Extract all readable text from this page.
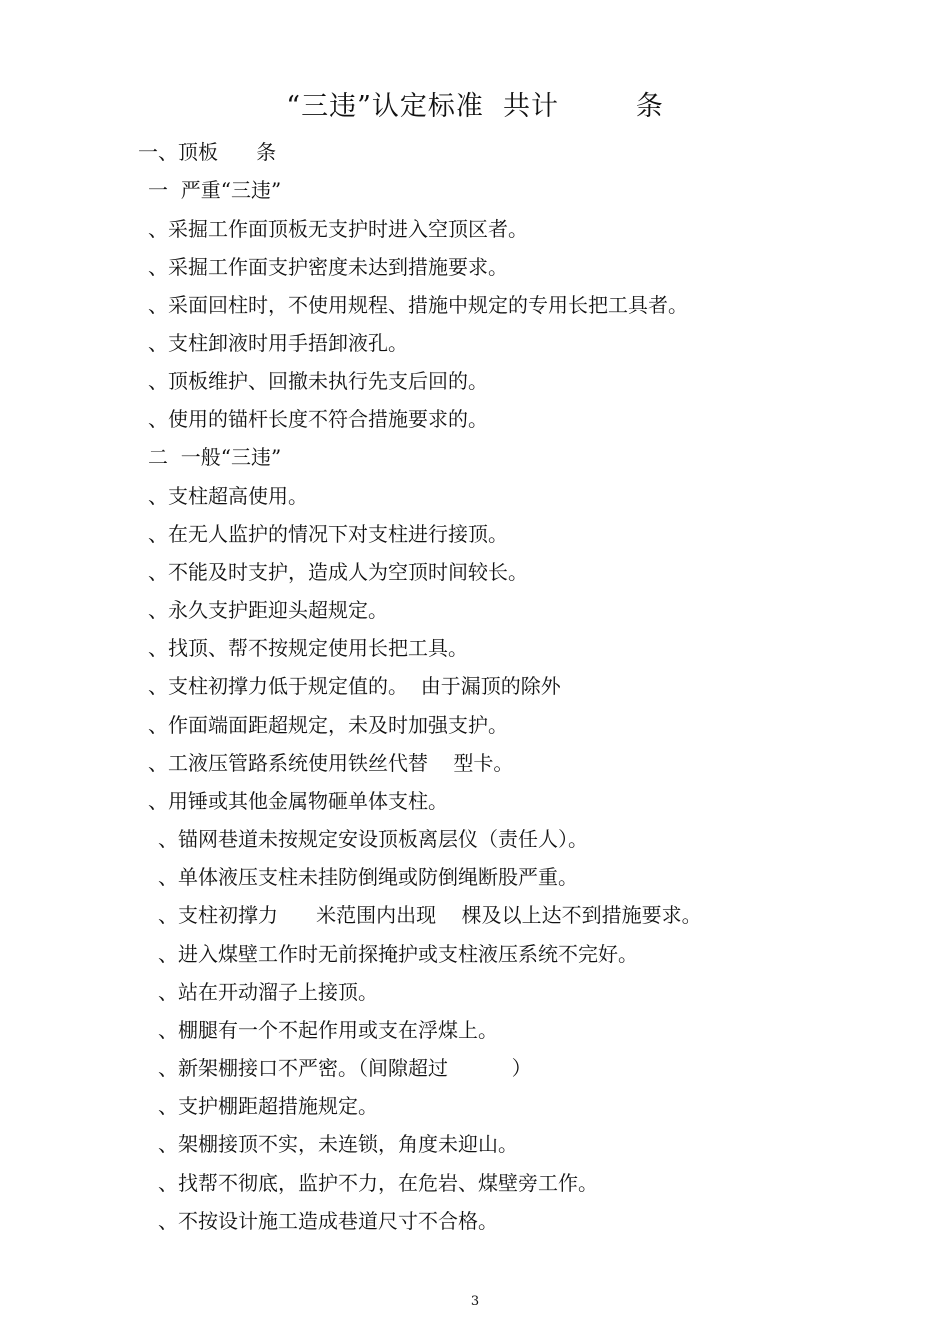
“三违”认定标准  共计        条
一、顶板      条
一  严重“三违”
、采掘工作面顶板无支护时进入空顶区者。
、采掘工作面支护密度未达到措施要求。
、采面回柱时，不使用规程、措施中规定的专用长把工具者。
、支柱卸液时用手捂卸液孔。
、顶板维护、回撤未执行先支后回的。
、使用的锚杆长度不符合措施要求的。
二  一般“三违”
、支柱超高使用。
、在无人监护的情况下对支柱进行接顶。
、不能及时支护，造成人为空顶时间较长。
、永久支护距迎头超规定。
、找顶、帮不按规定使用长把工具。
、支柱初撑力低于规定值的。  由于漏顶的除外
、作面端面距超规定，未及时加强支护。
、工液压管路系统使用铁丝代替    型卡。
、用锤或其他金属物砸单体支柱。
、锚网巷道未按规定安设顶板离层仪（责任人）。
、单体液压支柱未挂防倒绳或防倒绳断股严重。
、支柱初撑力      米范围内出现    棵及以上达不到措施要求。
、进入煤壁工作时无前探掩护或支柱液压系统不完好。
、站在开动溜子上接顶。
、棚腿有一个不起作用或支在浮煤上。
、新架棚接口不严密。（间隙超过          ）
、支护棚距超措施规定。
、架棚接顶不实，未连锁，角度未迎山。
、找帮不彻底，监护不力，在危岩、煤壁旁工作。
、不按设计施工造成巷道尺寸不合格。
3
